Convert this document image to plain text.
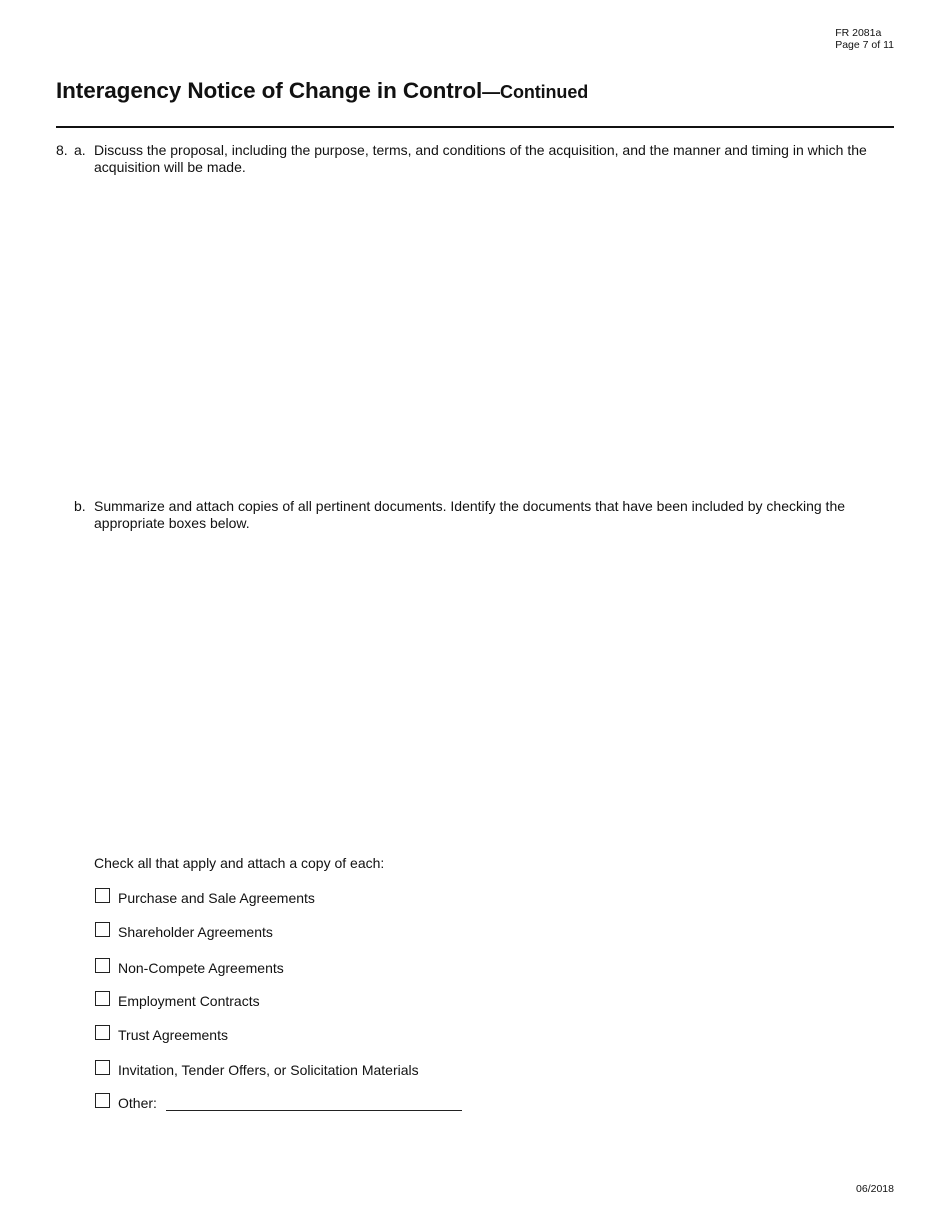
FR 2081a
Page 7 of 11
Interagency Notice of Change in Control—Continued
8. a. Discuss the proposal, including the purpose, terms, and conditions of the acquisition, and the manner and timing in which the acquisition will be made.
b. Summarize and attach copies of all pertinent documents. Identify the documents that have been included by checking the appropriate boxes below.
Check all that apply and attach a copy of each:
Purchase and Sale Agreements
Shareholder Agreements
Non-Compete Agreements
Employment Contracts
Trust Agreements
Invitation, Tender Offers, or Solicitation Materials
Other:
06/2018
